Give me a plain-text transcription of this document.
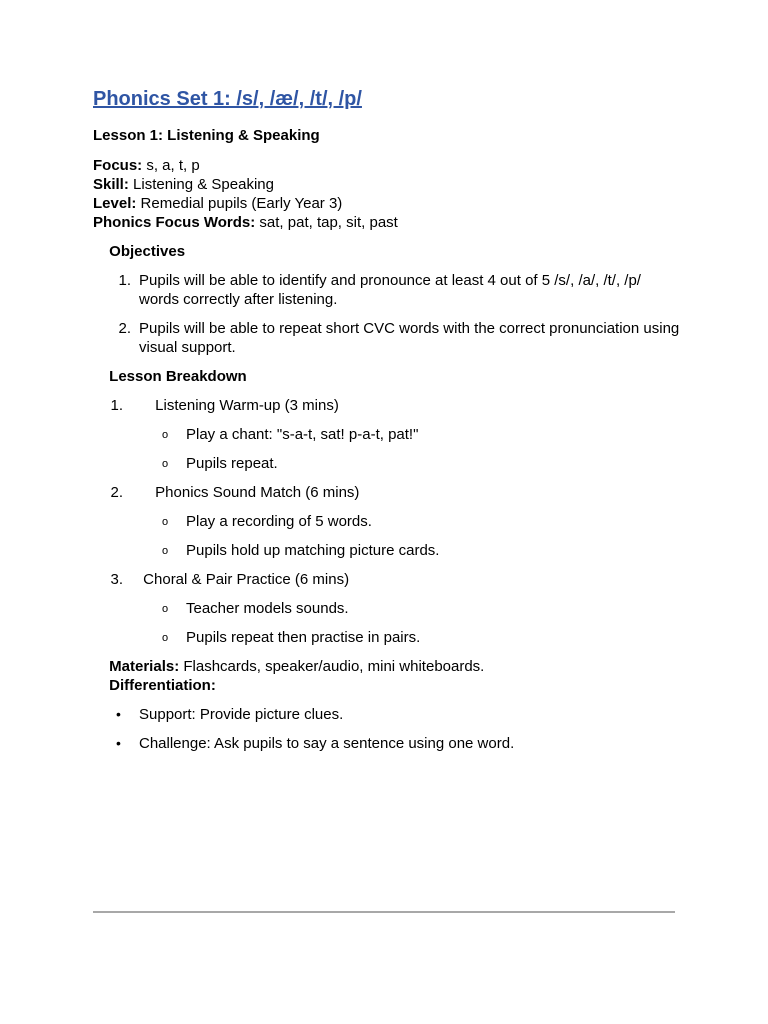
Phonics Set 1: /s/, /æ/, /t/, /p/
Lesson 1: Listening & Speaking
Focus: s, a, t, p
Skill: Listening & Speaking
Level: Remedial pupils (Early Year 3)
Phonics Focus Words: sat, pat, tap, sit, past
Objectives
1. Pupils will be able to identify and pronounce at least 4 out of 5 /s/, /a/, /t/, /p/ words correctly after listening.
2. Pupils will be able to repeat short CVC words with the correct pronunciation using visual support.
Lesson Breakdown
1.	Listening Warm-up (3 mins)
o Play a chant: "s-a-t, sat! p-a-t, pat!"
o Pupils repeat.
2.	Phonics Sound Match (6 mins)
o Play a recording of 5 words.
o Pupils hold up matching picture cards.
3.	Choral & Pair Practice (6 mins)
o Teacher models sounds.
o Pupils repeat then practise in pairs.
Materials: Flashcards, speaker/audio, mini whiteboards.
Differentiation:
• Support: Provide picture clues.
• Challenge: Ask pupils to say a sentence using one word.
